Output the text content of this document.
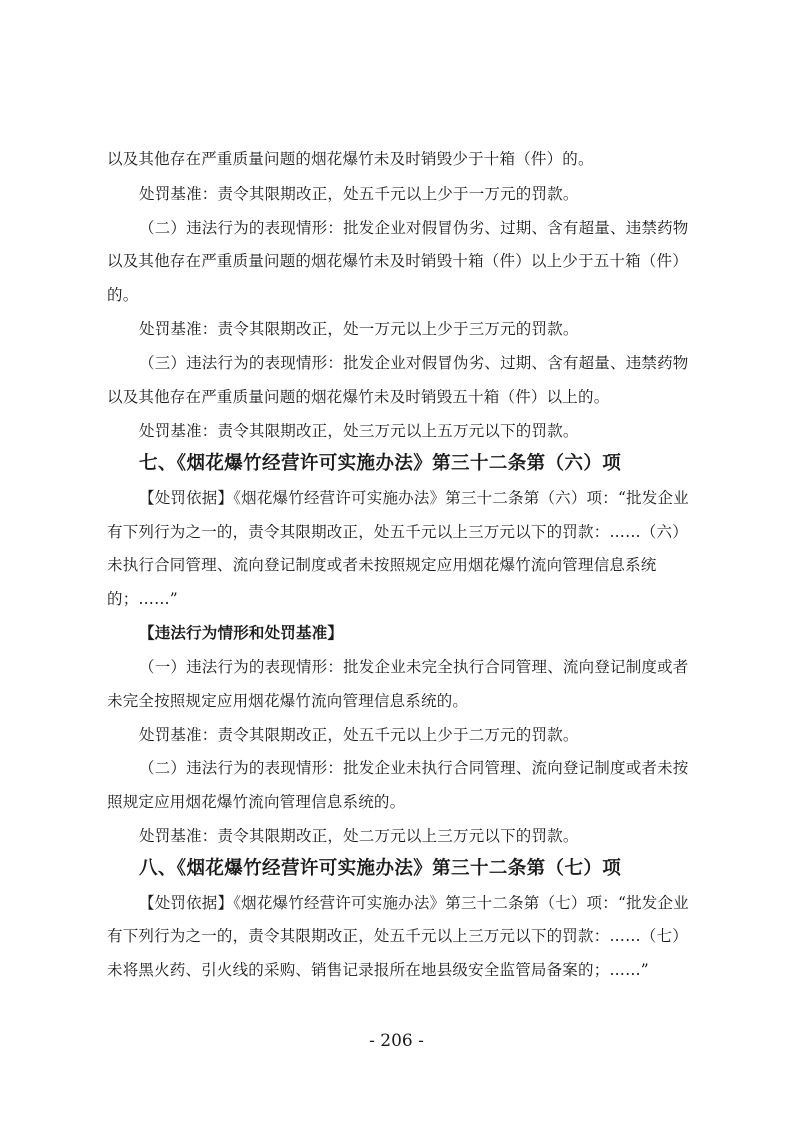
以及其他存在严重质量问题的烟花爆竹未及时销毁少于十箱（件）的。
处罚基准：责令其限期改正，处五千元以上少于一万元的罚款。
（二）违法行为的表现情形：批发企业对假冒伪劣、过期、含有超量、违禁药物
以及其他存在严重质量问题的烟花爆竹未及时销毁十箱（件）以上少于五十箱（件）
的。
处罚基准：责令其限期改正，处一万元以上少于三万元的罚款。
（三）违法行为的表现情形：批发企业对假冒伪劣、过期、含有超量、违禁药物
以及其他存在严重质量问题的烟花爆竹未及时销毁五十箱（件）以上的。
处罚基准：责令其限期改正，处三万元以上五万元以下的罚款。
七、《烟花爆竹经营许可实施办法》第三十二条第（六）项
【处罚依据】《烟花爆竹经营许可实施办法》第三十二条第（六）项：“批发企业
有下列行为之一的，责令其限期改正，处五千元以上三万元以下的罚款：……（六）
未执行合同管理、流向登记制度或者未按照规定应用烟花爆竹流向管理信息系统
的；……”
【违法行为情形和处罚基准】
（一）违法行为的表现情形：批发企业未完全执行合同管理、流向登记制度或者
未完全按照规定应用烟花爆竹流向管理信息系统的。
处罚基准：责令其限期改正，处五千元以上少于二万元的罚款。
（二）违法行为的表现情形：批发企业未执行合同管理、流向登记制度或者未按
照规定应用烟花爆竹流向管理信息系统的。
处罚基准：责令其限期改正，处二万元以上三万元以下的罚款。
八、《烟花爆竹经营许可实施办法》第三十二条第（七）项
【处罚依据】《烟花爆竹经营许可实施办法》第三十二条第（七）项：“批发企业
有下列行为之一的，责令其限期改正，处五千元以上三万元以下的罚款：……（七）
未将黑火药、引火线的采购、销售记录报所在地县级安全监管局备案的；……”
- 206 -
